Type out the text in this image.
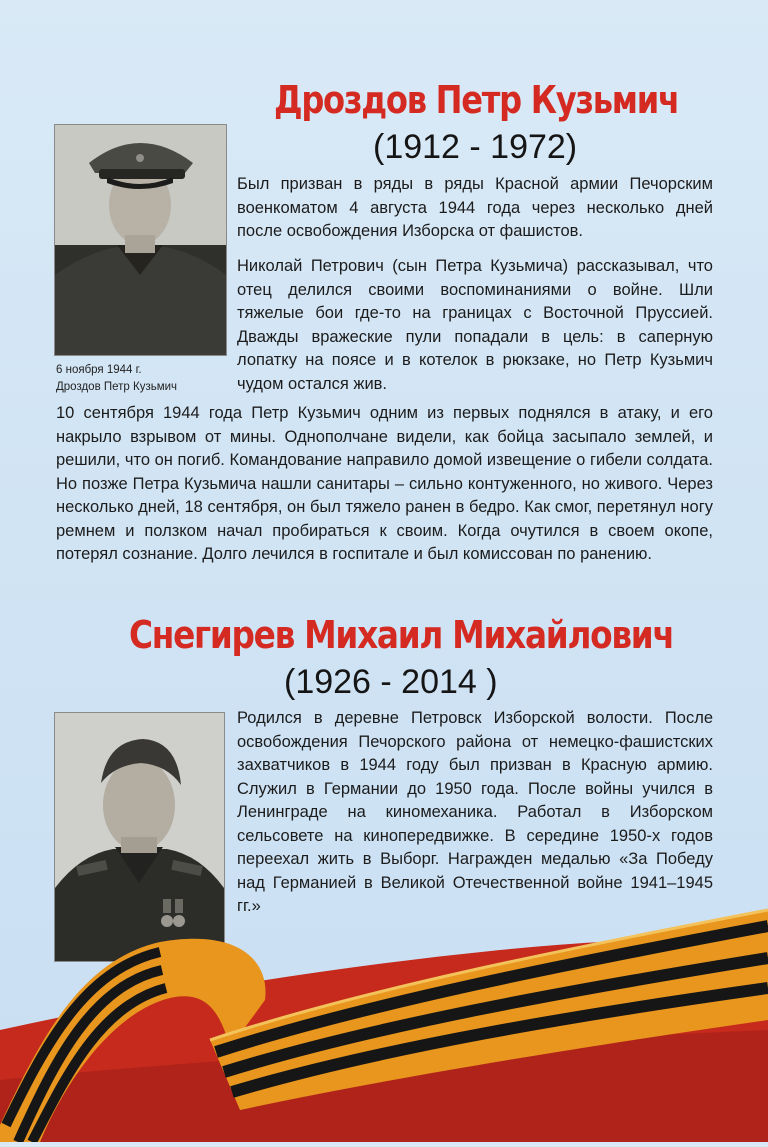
Дроздов Петр Кузьмич
(1912 - 1972)
6 ноября 1944 г.
Дроздов Петр Кузьмич

Был призван в ряды в ряды Красной армии Печорским военкоматом 4 августа 1944 года через несколько дней после освобождения Изборска от фашистов.

Николай Петрович (сын Петра Кузьмича) рассказывал, что отец делился своими воспоминаниями о войне. Шли тяжелые бои где-то на границах с Восточной Пруссией. Дважды вражеские пули попадали в цель: в саперную лопатку на поясе и в котелок в рюкзаке, но Петр Кузьмич чудом остался жив.

10 сентября 1944 года Петр Кузьмич одним из первых поднялся в атаку, и его накрыло взрывом от мины. Однополчане видели, как бойца засыпало землей, и решили, что он погиб. Командование направило домой извещение о гибели солдата. Но позже Петра Кузьмича нашли санитары – сильно контуженного, но живого. Через несколько дней, 18 сентября, он был тяжело ранен в бедро. Как смог, перетянул ногу ремнем и ползком начал пробираться к своим. Когда очутился в своем окопе, потерял сознание. Долго лечился в госпитале и был комиссован по ранению.

Снегирев Михаил Михайлович
(1926 - 2014 )

Родился в деревне Петровск Изборской волости. После освобождения Печорского района от немецко-фашистских захватчиков в 1944 году был призван в Красную армию. Служил в Германии до 1950 года. После войны учился в Ленинграде на киномеханика. Работал в Изборском сельсовете на кинопередвижке. В середине 1950-х годов переехал жить в Выборг. Награжден медалью «За Победу над Германией в Великой Отечественной войне 1941–1945 гг.»
